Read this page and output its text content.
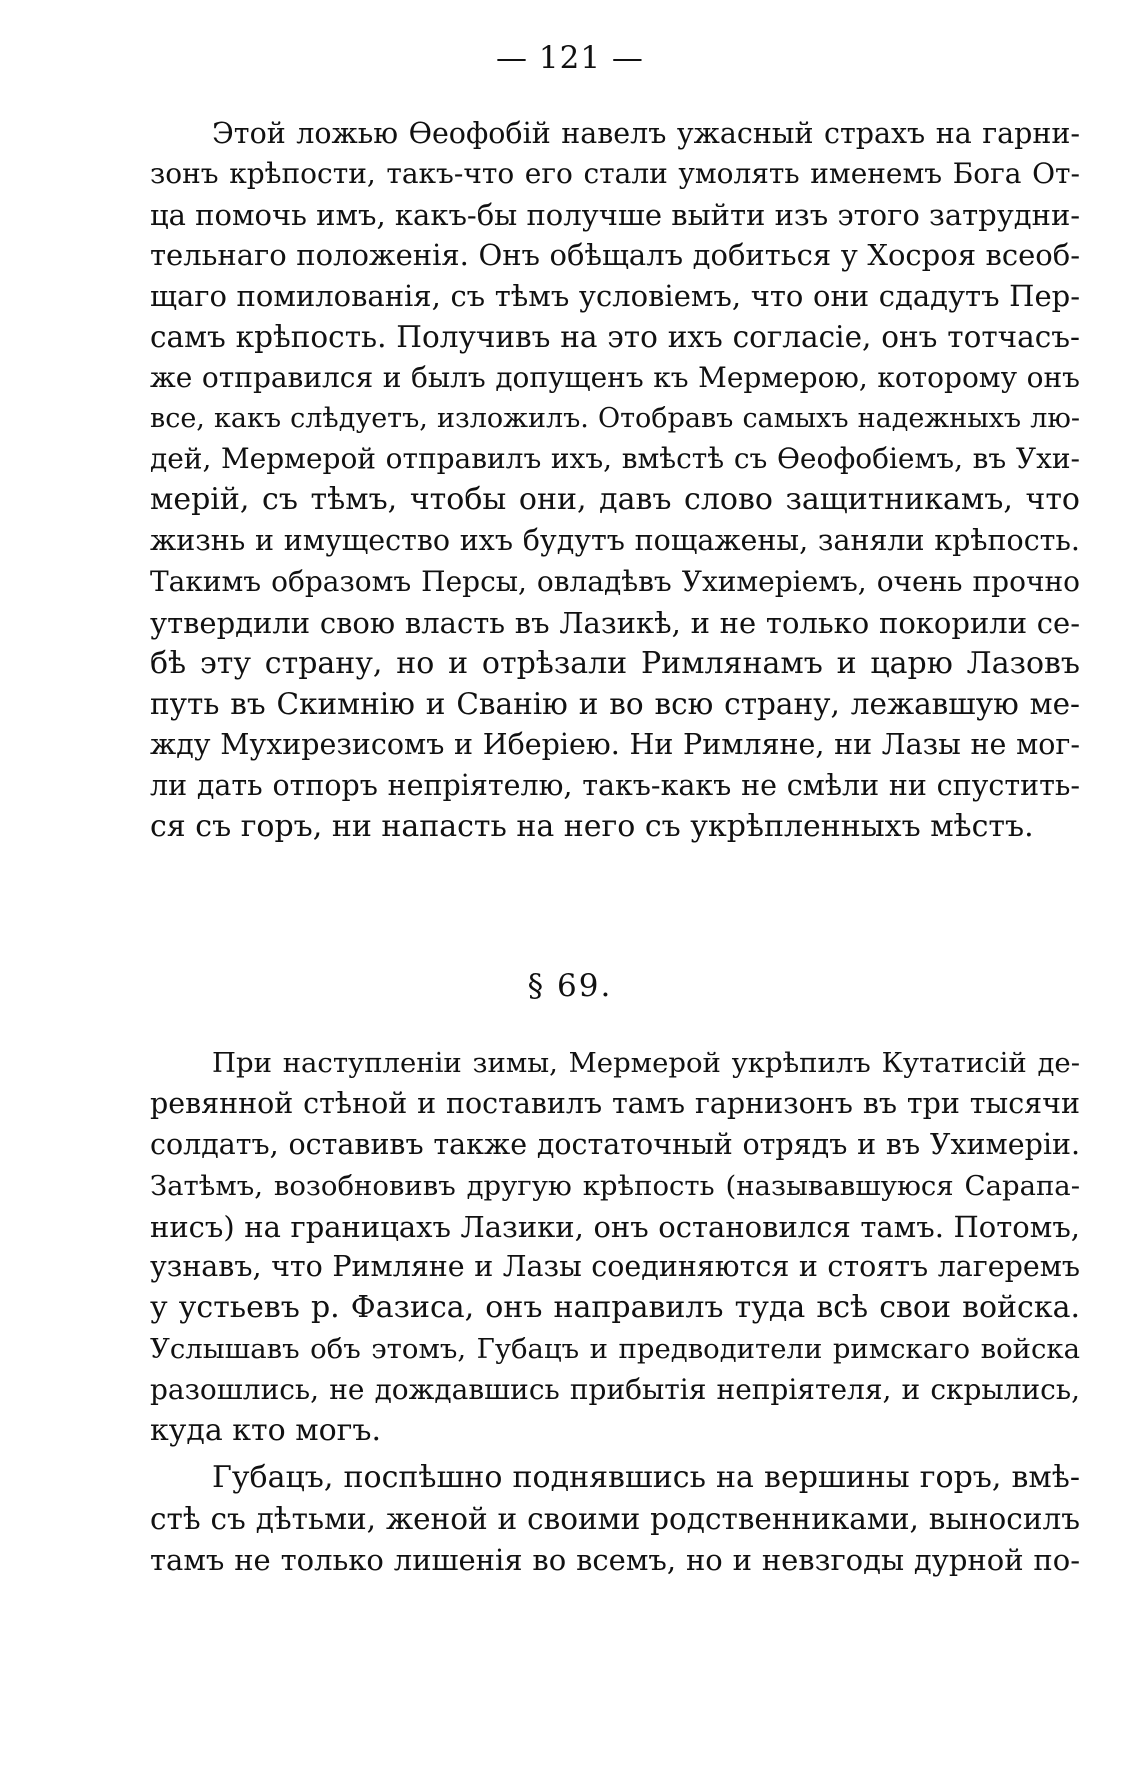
— 121 —
Этой ложью Ѳеофобій навелъ ужасный страхъ на гарни-
зонъ крѣпости, такъ-что его стали умолять именемъ Бога От-
ца помочь имъ, какъ-бы получше выйти изъ этого затрудни-
тельнаго положенія. Онъ обѣщалъ добиться у Хосроя всеоб-
щаго помилованія, съ тѣмъ условіемъ, что они сдадутъ Пер-
самъ крѣпость. Получивъ на это ихъ согласіе, онъ тотчасъ-
же отправился и былъ допущенъ къ Мермерою, которому онъ
все, какъ слѣдуетъ, изложилъ. Отобравъ самыхъ надежныхъ лю-
дей, Мермерой отправилъ ихъ, вмѣстѣ съ Ѳеофобіемъ, въ Ухи-
мерій, съ тѣмъ, чтобы они, давъ слово защитникамъ, что
жизнь и имущество ихъ будутъ пощажены, заняли крѣпость.
Такимъ образомъ Персы, овладѣвъ Ухимеріемъ, очень прочно
утвердили свою власть въ Лазикѣ, и не только покорили се-
бѣ эту страну, но и отрѣзали Римлянамъ и царю Лазовъ
путь въ Скимнію и Сванію и во всю страну, лежавшую ме-
жду Мухирезисомъ и Иберіею. Ни Римляне, ни Лазы не мог-
ли дать отпоръ непріятелю, такъ-какъ не смѣли ни спустить-
ся съ горъ, ни напасть на него съ укрѣпленныхъ мѣстъ.
§ 69.
При наступленіи зимы, Мермерой укрѣпилъ Кутатисій де-
ревянной стѣной и поставилъ тамъ гарнизонъ въ три тысячи
солдатъ, оставивъ также достаточный отрядъ и въ Ухимеріи.
Затѣмъ, возобновивъ другую крѣпость (называвшуюся Сарапа-
нисъ) на границахъ Лазики, онъ остановился тамъ. Потомъ,
узнавъ, что Римляне и Лазы соединяются и стоятъ лагеремъ
у устьевъ р. Фазиса, онъ направилъ туда всѣ свои войска.
Услышавъ объ этомъ, Губацъ и предводители римскаго войска
разошлись, не дождавшись прибытія непріятеля, и скрылись,
куда кто могъ.
Губацъ, поспѣшно поднявшись на вершины горъ, вмѣ-
стѣ съ дѣтьми, женой и своими родственниками, выносилъ
тамъ не только лишенія во всемъ, но и невзгоды дурной по-
